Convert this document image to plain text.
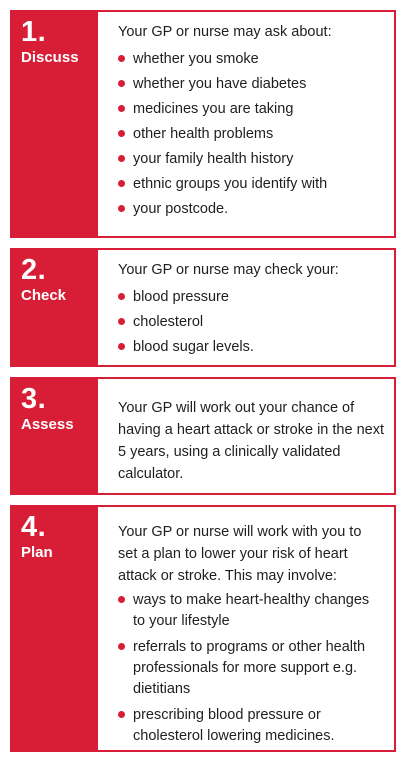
1.
Discuss

Your GP or nurse may ask about:

whether you smoke
whether you have diabetes
medicines you are taking
other health problems
your family health history
ethnic groups you identify with
your postcode.
2.
Check

Your GP or nurse may check your:

blood pressure
cholesterol
blood sugar levels.
3.
Assess

Your GP will work out your chance of having a heart attack or stroke in the next 5 years, using a clinically validated calculator.

4.
Plan

Your GP or nurse will work with you to set a plan to lower your risk of heart attack or stroke. This may involve:

ways to make heart-healthy changes to your lifestyle
referrals to programs or other health professionals for more support e.g. dietitians
prescribing blood pressure or cholesterol lowering medicines.
